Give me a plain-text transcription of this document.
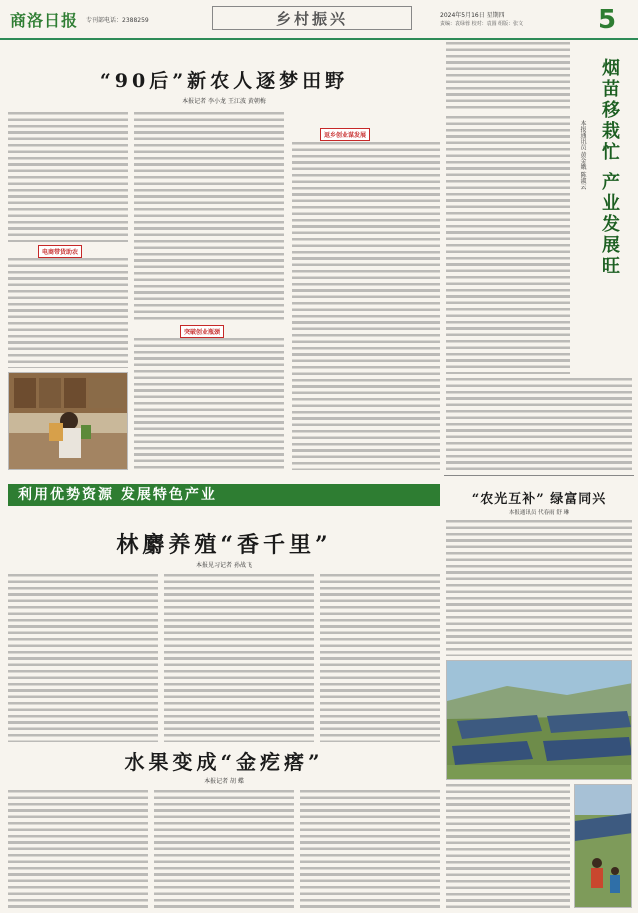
商洛日报 专刊部电话：2388259	乡村振兴	2024年5月16日 星期四
责编：袁绿蓉 校对：袁圆 组版：张文	5
“90后”新农人逐梦田野
本报记者 李小龙 王江波 黄朝梅
电商带货助农
突破创业瓶颈
返乡创业谋发展	烟苗移栽忙 产业发展旺
本报通讯员 黄金娥 陈淑云
利用优势资源 发展特色产业
林麝养殖“香千里”
本报见习记者 孙战飞
“农光互补” 绿富同兴
本报通讯员 代春雨 舒 琳
水果变成“金疙瘩”
本报记者 胡 蝶
